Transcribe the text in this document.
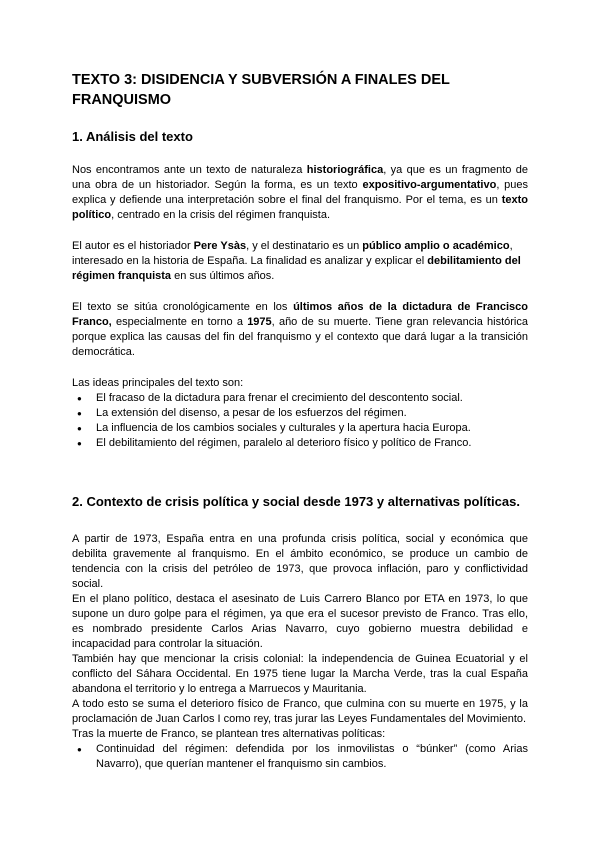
TEXTO 3: DISIDENCIA Y SUBVERSIÓN A FINALES DEL FRANQUISMO
1. Análisis del texto

Nos encontramos ante un texto de naturaleza historiográfica, ya que es un fragmento de una obra de un historiador. Según la forma, es un texto expositivo-argumentativo, pues explica y defiende una interpretación sobre el final del franquismo. Por el tema, es un texto político, centrado en la crisis del régimen franquista.

El autor es el historiador Pere Ysàs, y el destinatario es un público amplio o académico, interesado en la historia de España. La finalidad es analizar y explicar el debilitamiento del régimen franquista en sus últimos años.

El texto se sitúa cronológicamente en los últimos años de la dictadura de Francisco Franco, especialmente en torno a 1975, año de su muerte. Tiene gran relevancia histórica porque explica las causas del fin del franquismo y el contexto que dará lugar a la transición democrática.

Las ideas principales del texto son:

● El fracaso de la dictadura para frenar el crecimiento del descontento social.
● La extensión del disenso, a pesar de los esfuerzos del régimen.
● La influencia de los cambios sociales y culturales y la apertura hacia Europa.
● El debilitamiento del régimen, paralelo al deterioro físico y político de Franco.
2. Contexto de crisis política y social desde 1973 y alternativas políticas.

A partir de 1973, España entra en una profunda crisis política, social y económica que debilita gravemente al franquismo. En el ámbito económico, se produce un cambio de tendencia con la crisis del petróleo de 1973, que provoca inflación, paro y conflictividad social.

En el plano político, destaca el asesinato de Luis Carrero Blanco por ETA en 1973, lo que supone un duro golpe para el régimen, ya que era el sucesor previsto de Franco. Tras ello, es nombrado presidente Carlos Arias Navarro, cuyo gobierno muestra debilidad e incapacidad para controlar la situación.

También hay que mencionar la crisis colonial: la independencia de Guinea Ecuatorial y el conflicto del Sáhara Occidental. En 1975 tiene lugar la Marcha Verde, tras la cual España abandona el territorio y lo entrega a Marruecos y Mauritania.

A todo esto se suma el deterioro físico de Franco, que culmina con su muerte en 1975, y la proclamación de Juan Carlos I como rey, tras jurar las Leyes Fundamentales del Movimiento.

Tras la muerte de Franco, se plantean tres alternativas políticas:

● Continuidad del régimen: defendida por los inmovilistas o “búnker” (como Arias Navarro), que querían mantener el franquismo sin cambios.
